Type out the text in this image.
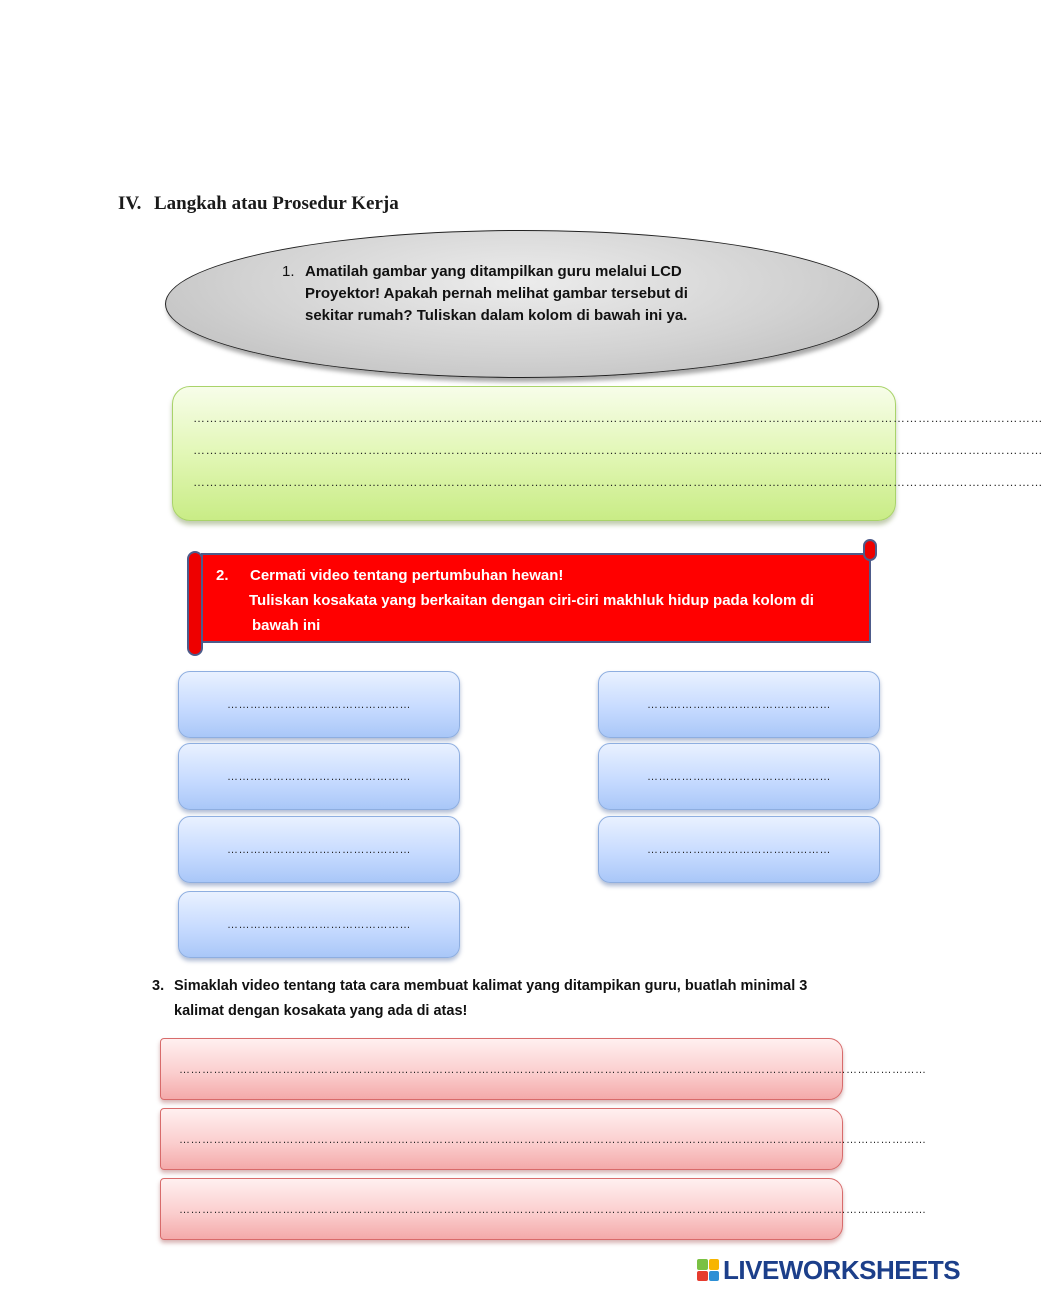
IV. Langkah atau Prosedur Kerja
1. Amatilah gambar yang ditampilkan guru melalui LCD
Proyektor! Apakah pernah melihat gambar tersebut di
sekitar rumah? Tuliskan dalam kolom di bawah ini ya.
……………………………………………………………………………………………………………………………………………………………………………………
……………………………………………………………………………………………………………………………………………………………………………………
……………………………………………………………………………………………………………………………………………………………………………………
2. Cermati video tentang pertumbuhan hewan!
Tuliskan kosakata yang berkaitan dengan ciri-ciri makhluk hidup pada kolom di
bawah ini
…………………………………………
…………………………………………
…………………………………………
…………………………………………
…………………………………………
…………………………………………
…………………………………………
3. Simaklah video tentang tata cara membuat kalimat yang ditampikan guru, buatlah minimal 3
kalimat dengan kosakata yang ada di atas!
……………………………………………………………………………………………………………………………………………………………………………
……………………………………………………………………………………………………………………………………………………………………………
……………………………………………………………………………………………………………………………………………………………………………
LIVEWORKSHEETS
